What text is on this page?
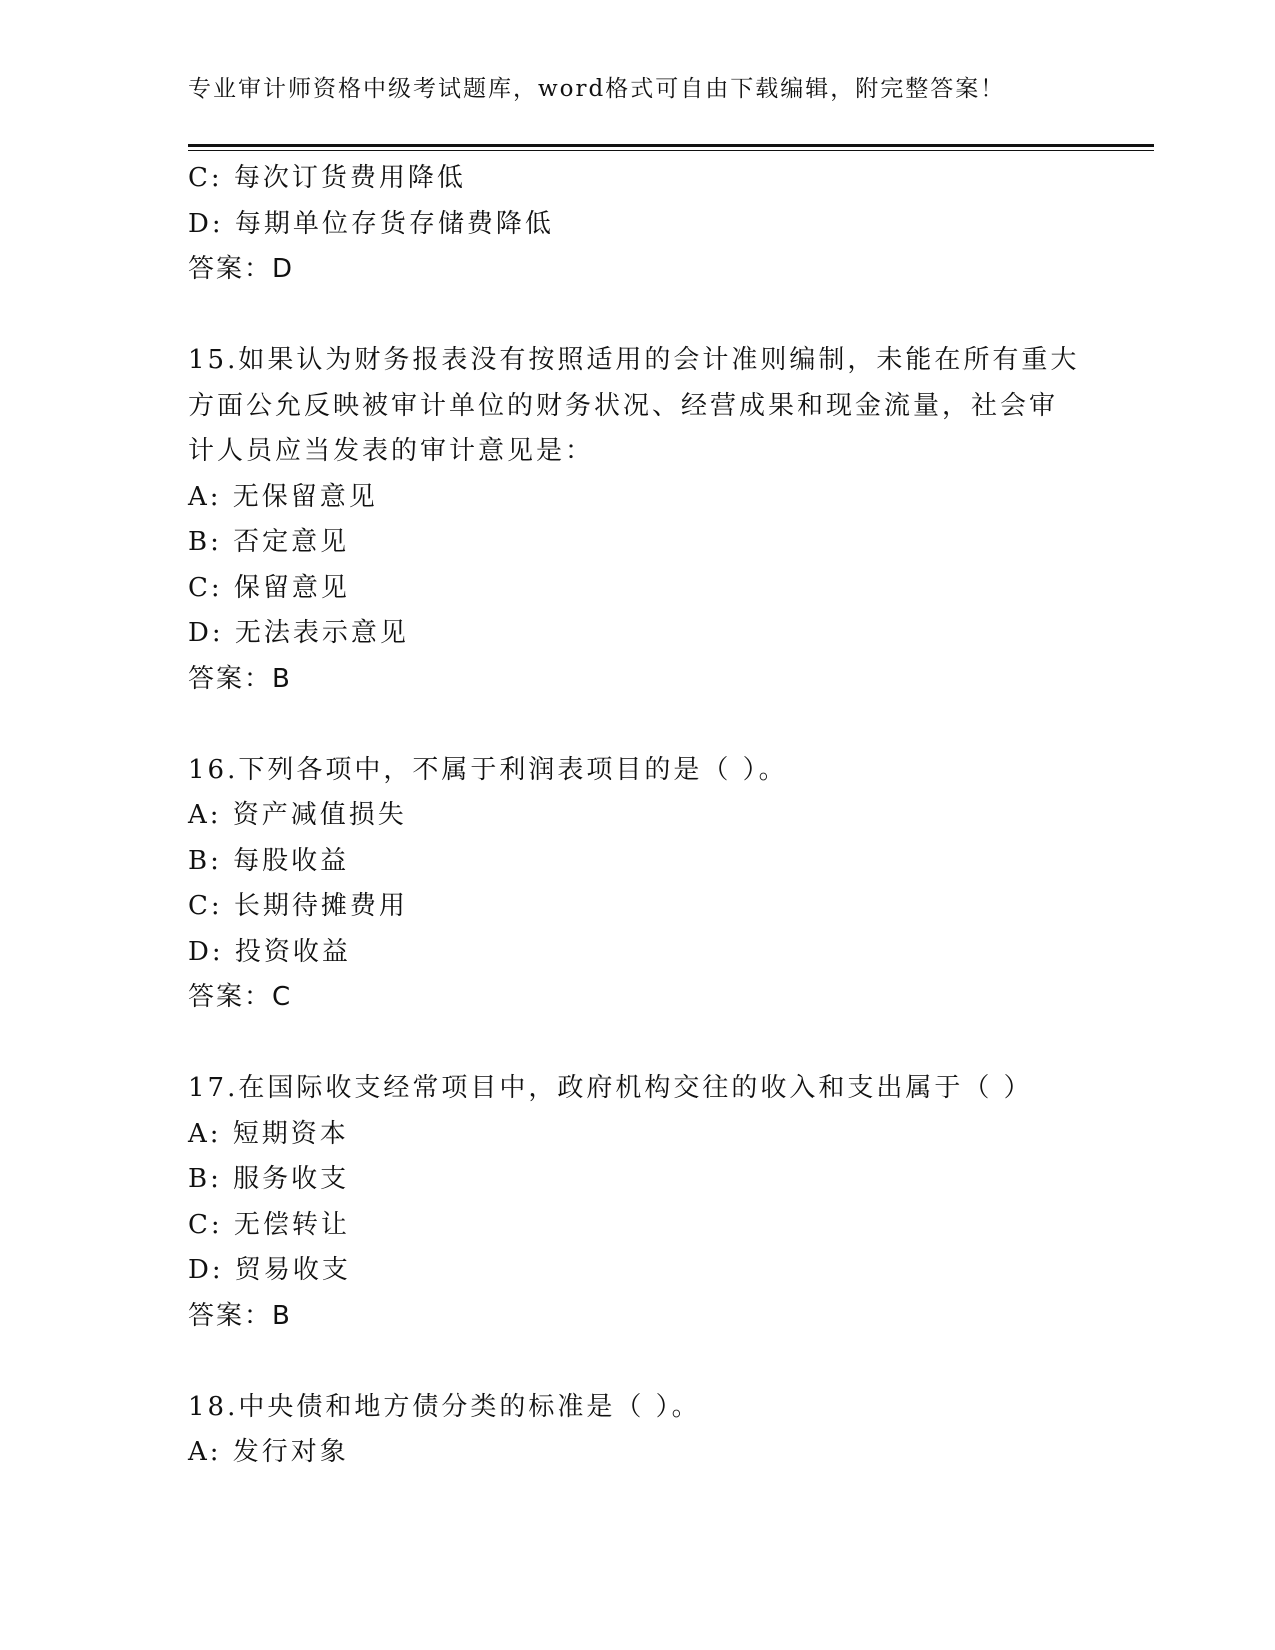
专业审计师资格中级考试题库，word格式可自由下载编辑，附完整答案！
C: 每次订货费用降低
D: 每期单位存货存储费降低
答案：D
15.如果认为财务报表没有按照适用的会计准则编制，未能在所有重大
方面公允反映被审计单位的财务状况、经营成果和现金流量，社会审
计人员应当发表的审计意见是：
A: 无保留意见
B: 否定意见
C: 保留意见
D: 无法表示意见
答案：B
16.下列各项中，不属于利润表项目的是（ ）。
A: 资产减值损失
B: 每股收益
C: 长期待摊费用
D: 投资收益
答案：C
17.在国际收支经常项目中，政府机构交往的收入和支出属于（ ）
A: 短期资本
B: 服务收支
C: 无偿转让
D: 贸易收支
答案：B
18.中央债和地方债分类的标准是（ ）。
A: 发行对象
